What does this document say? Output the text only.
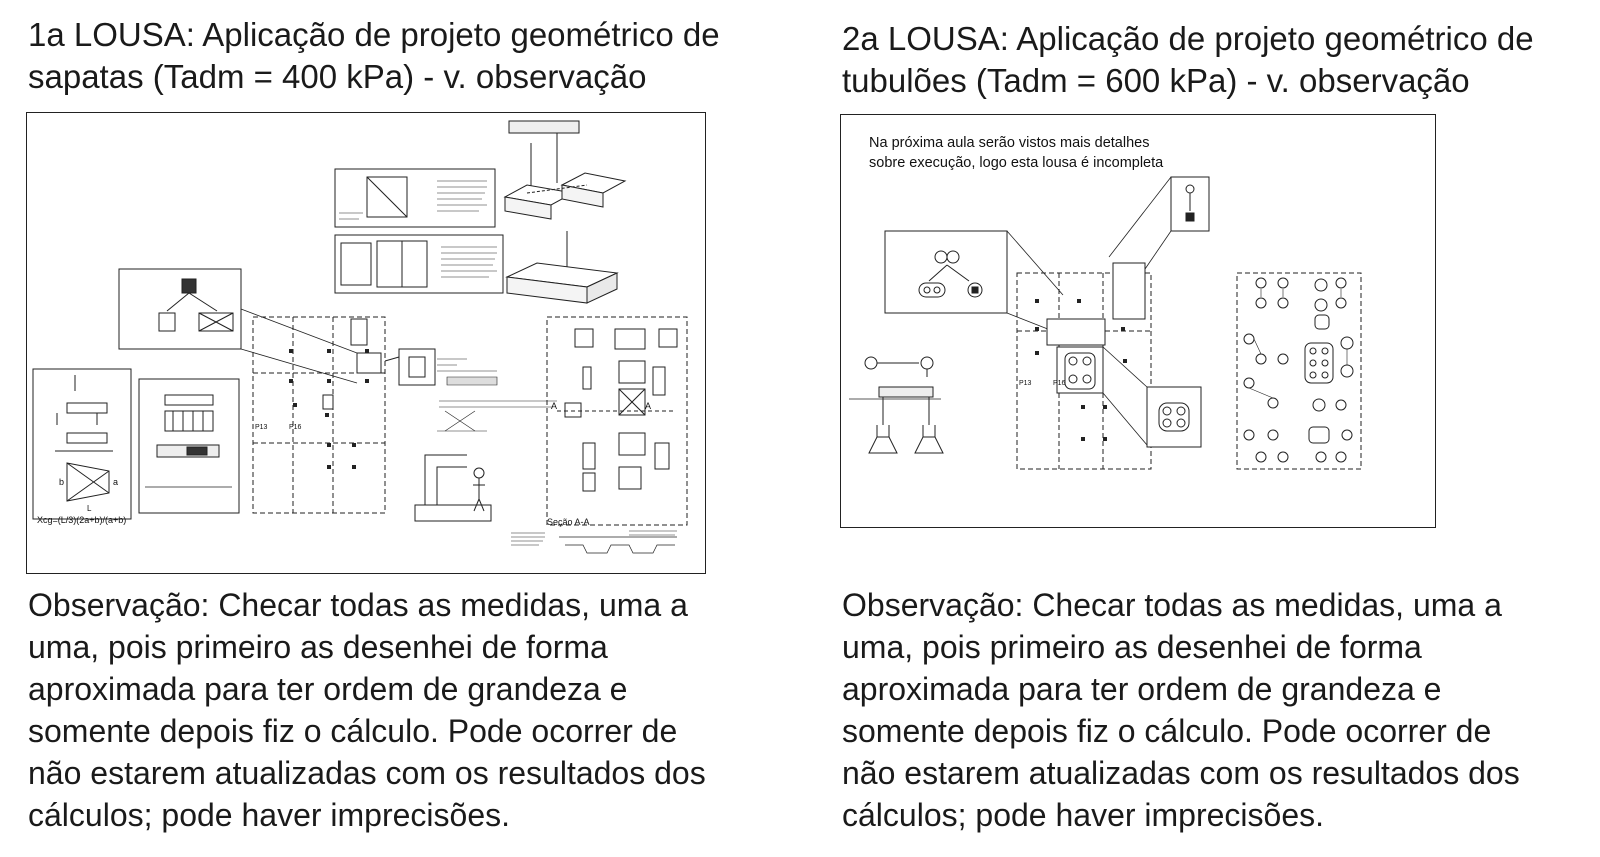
1a LOUSA: Aplicação de projeto geométrico de
sapatas (Tadm = 400 kPa) - v. observação
2a LOUSA: Aplicação de projeto geométrico de
tubulões (Tadm = 600 kPa) - v. observação
P13	P16
b	a
L
Xcg=(L/3)(2a+b)/(a+b)
A	A
Seção A-A
Na próxima aula serão vistos mais detalhes
sobre execução, logo esta lousa é incompleta
P13	P16
Observação: Checar todas as medidas, uma a
uma, pois primeiro as desenhei de forma
aproximada para ter ordem de grandeza e
somente depois fiz o cálculo. Pode ocorrer de
não estarem atualizadas com os resultados dos
cálculos; pode haver imprecisões.
Observação: Checar todas as medidas, uma a
uma, pois primeiro as desenhei de forma
aproximada para ter ordem de grandeza e
somente depois fiz o cálculo. Pode ocorrer de
não estarem atualizadas com os resultados dos
cálculos; pode haver imprecisões.
